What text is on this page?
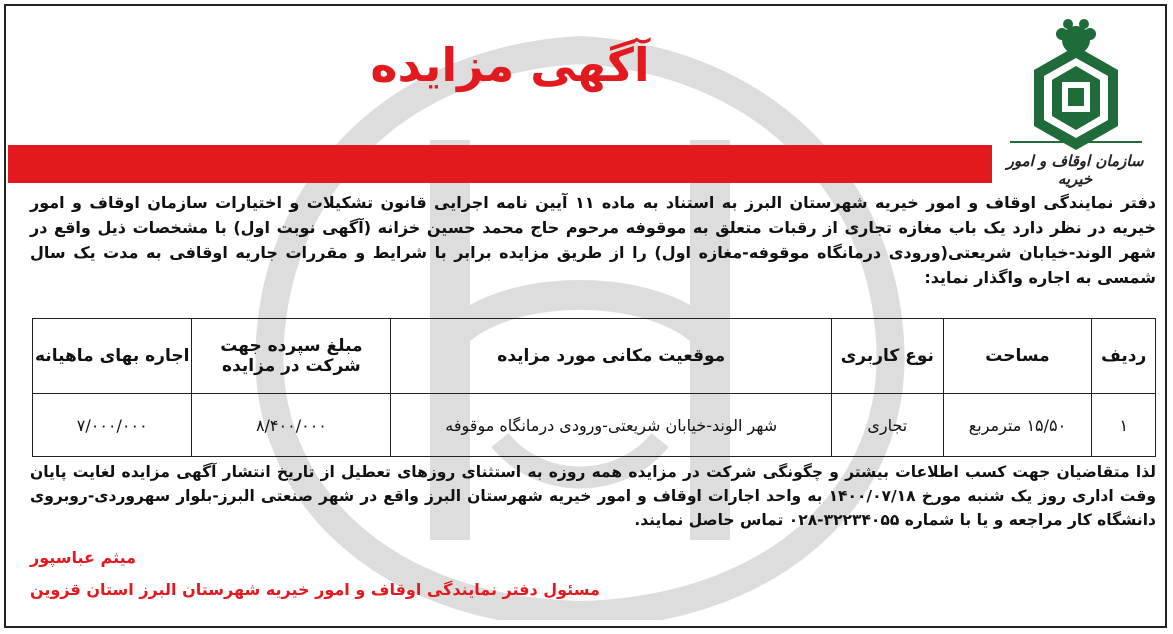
آگهی مزایده
سازمان اوقاف و امور خیریه
دفتر نمایندگی اوقاف و امور خیریه شهرستان البرز به استناد به ماده ۱۱ آیین نامه اجرایی قانون تشکیلات و اختیارات سازمان اوقاف و امور خیریه در نظر دارد یک باب مغازه تجاری از رقبات متعلق به موقوفه مرحوم حاج محمد حسین خزانه (آگهی نوبت اول) با مشخصات ذیل واقع در شهر الوند-خیابان شریعتی(ورودی درمانگاه موقوفه-مغازه اول) را از طریق مزایده برابر با شرایط و مقررات جاریه اوقافی به مدت یک سال شمسی به اجاره واگذار نماید:
ردیف	مساحت	نوع کاربری	موقعیت مکانی مورد مزایده	مبلغ سپرده جهت شرکت در مزایده	اجاره بهای ماهیانه
۱	۱۵/۵۰ مترمربع	تجاری	شهر الوند-خیابان شریعتی-ورودی درمانگاه موقوفه	۸/۴۰۰/۰۰۰	۷/۰۰۰/۰۰۰
لذا متقاضیان جهت کسب اطلاعات بیشتر و چگونگی شرکت در مزایده همه روزه به استثنای روزهای تعطیل از تاریخ انتشار آگهی مزایده لغایت پایان وقت اداری روز یک شنبه مورخ ۱۴۰۰/۰۷/۱۸ به واحد اجارات اوقاف و امور خیریه شهرستان البرز واقع در شهر صنعتی البرز-بلوار سهروردی-روبروی دانشگاه کار مراجعه و یا با شماره ۳۲۲۳۴۰۵۵-۰۲۸ تماس حاصل نمایند.
میثم عباسپور
مسئول دفتر نمایندگی اوقاف و امور خیریه شهرستان البرز استان قزوین
